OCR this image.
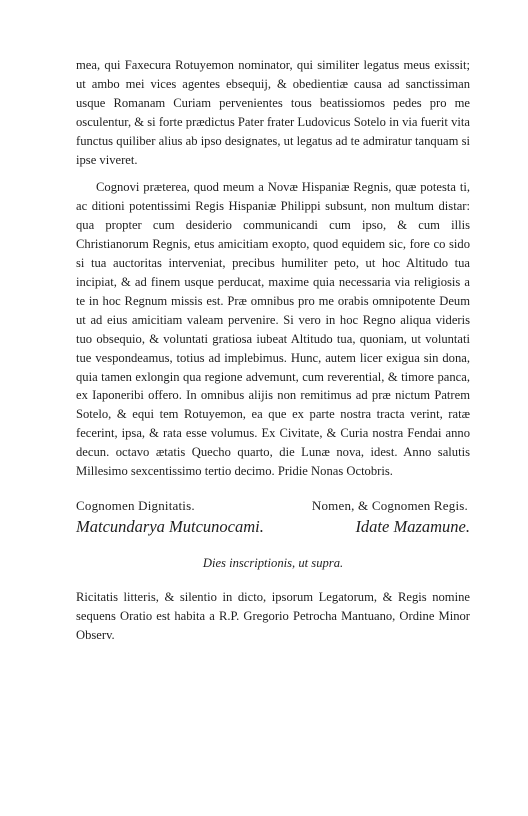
mea, qui Faxecura Rotuyemon nominator, qui similiter legatus meus exissit; ut ambo mei vices agentes ebsequij, & obedientiæ causa ad sanctissiman usque Romanam Curiam pervenientes tous beatissiomos pedes pro me osculentur, & si forte prædictus Pater frater Ludovicus Sotelo in via fuerit vita functus quiliber alius ab ipso designates, ut legatus ad te admiratur tanquam si ipse viveret.

Cognovi præterea, quod meum a Novæ Hispaniæ Regnis, quæ potesta ti, ac ditioni potentissimi Regis Hispaniæ Philippi subsunt, non multum distar: qua propter cum desiderio communicandi cum ipso, & cum illis Christianorum Regnis, etus amicitiam exopto, quod equidem sic, fore co sido si tua auctoritas interveniat, precibus humiliter peto, ut hoc Altitudo tua incipiat, & ad finem usque perducat, maxime quia necessaria via religiosis a te in hoc Regnum missis est. Præ omnibus pro me orabis omnipotente Deum ut ad eius amicitiam valeam pervenire. Si vero in hoc Regno aliqua videris tuo obsequio, & voluntati gratiosa iubeat Altitudo tua, quoniam, ut voluntati tue vespondeamus, totius ad implebimus. Hunc, autem licer exigua sin dona, quia tamen exlongin qua regione advemunt, cum reverential, & timore panca, ex Iaponeribi offero. In omnibus alijis non remitimus ad præ nictum Patrem Sotelo, & equi tem Rotuyemon, ea que ex parte nostra tracta verint, ratæ fecerint, ipsa, & rata esse volumus. Ex Civitate, & Curia nostra Fendai anno decun. octavo ætatis Quecho quarto, die Lunæ nova, idest. Anno salutis Millesimo sexcentissimo tertio decimo. Pridie Nonas Octobris.

Cognomen Dignitatis.	Nomen, & Cognomen Regis.
Matcundarya Mutcunocami.	Idate Mazamune.
Dies inscriptionis, ut supra.

Ricitatis litteris, & silentio in dicto, ipsorum Legatorum, & Regis nomine sequens Oratio est habita a R.P. Gregorio Petrocha Mantuano, Ordine Minor Observ.
